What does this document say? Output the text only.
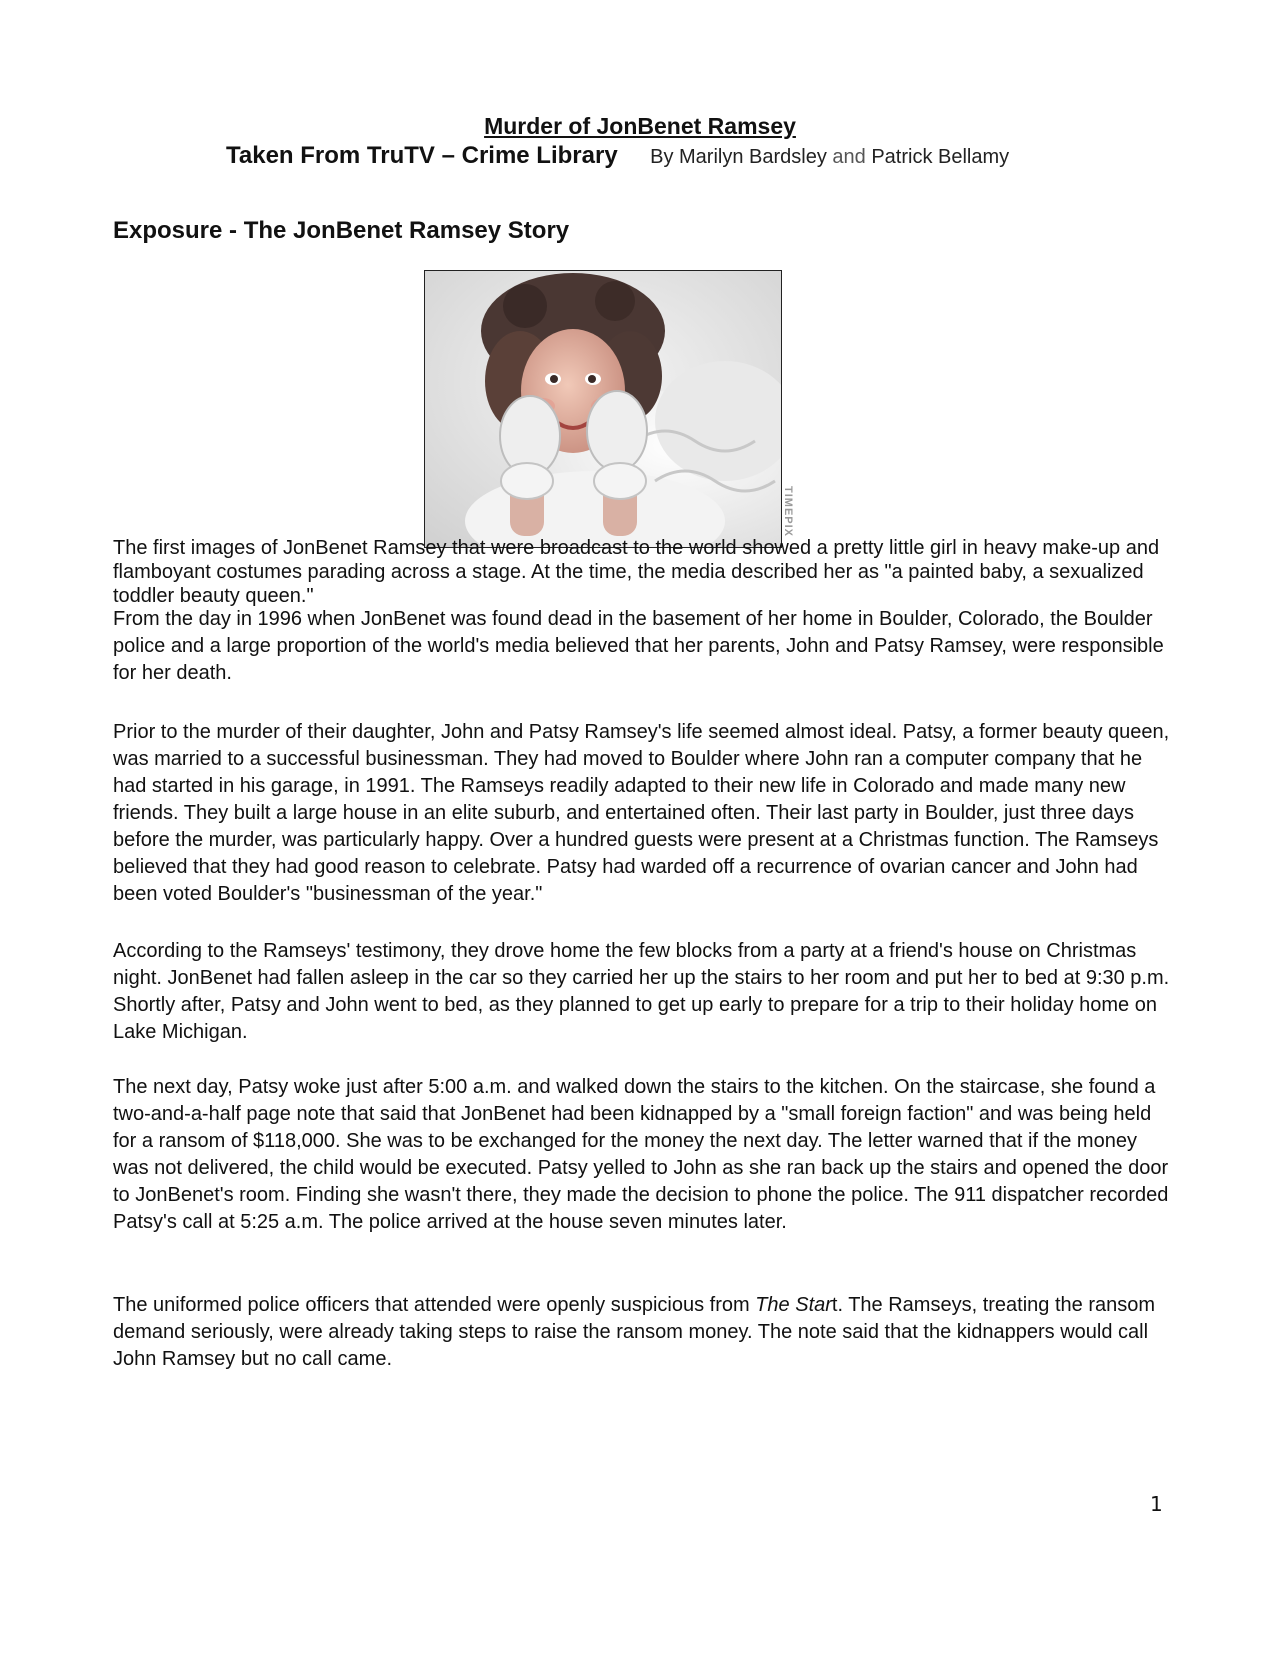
Murder of JonBenet Ramsey
Taken From TruTV – Crime Library By Marilyn Bardsley and Patrick Bellamy
Exposure - The JonBenet Ramsey Story
TIMEPIX

The first images of JonBenet Ramsey that were broadcast to the world showed a pretty little girl in heavy make-up and flamboyant costumes parading across a stage. At the time, the media described her as "a painted baby, a sexualized toddler beauty queen."

From the day in 1996 when JonBenet was found dead in the basement of her home in Boulder, Colorado, the Boulder police and a large proportion of the world's media believed that her parents, John and Patsy Ramsey, were responsible for her death.

Prior to the murder of their daughter, John and Patsy Ramsey's life seemed almost ideal. Patsy, a former beauty queen, was married to a successful businessman. They had moved to Boulder where John ran a computer company that he had started in his garage, in 1991. The Ramseys readily adapted to their new life in Colorado and made many new friends. They built a large house in an elite suburb, and entertained often. Their last party in Boulder, just three days before the murder, was particularly happy. Over a hundred guests were present at a Christmas function. The Ramseys believed that they had good reason to celebrate. Patsy had warded off a recurrence of ovarian cancer and John had been voted Boulder's "businessman of the year."

According to the Ramseys' testimony, they drove home the few blocks from a party at a friend's house on Christmas night. JonBenet had fallen asleep in the car so they carried her up the stairs to her room and put her to bed at 9:30 p.m. Shortly after, Patsy and John went to bed, as they planned to get up early to prepare for a trip to their holiday home on Lake Michigan.

The next day, Patsy woke just after 5:00 a.m. and walked down the stairs to the kitchen. On the staircase, she found a two-and-a-half page note that said that JonBenet had been kidnapped by a "small foreign faction" and was being held for a ransom of $118,000. She was to be exchanged for the money the next day. The letter warned that if the money was not delivered, the child would be executed. Patsy yelled to John as she ran back up the stairs and opened the door to JonBenet's room. Finding she wasn't there, they made the decision to phone the police. The 911 dispatcher recorded Patsy's call at 5:25 a.m. The police arrived at the house seven minutes later.

The uniformed police officers that attended were openly suspicious from The Start. The Ramseys, treating the ransom demand seriously, were already taking steps to raise the ransom money. The note said that the kidnappers would call John Ramsey but no call came.

1
